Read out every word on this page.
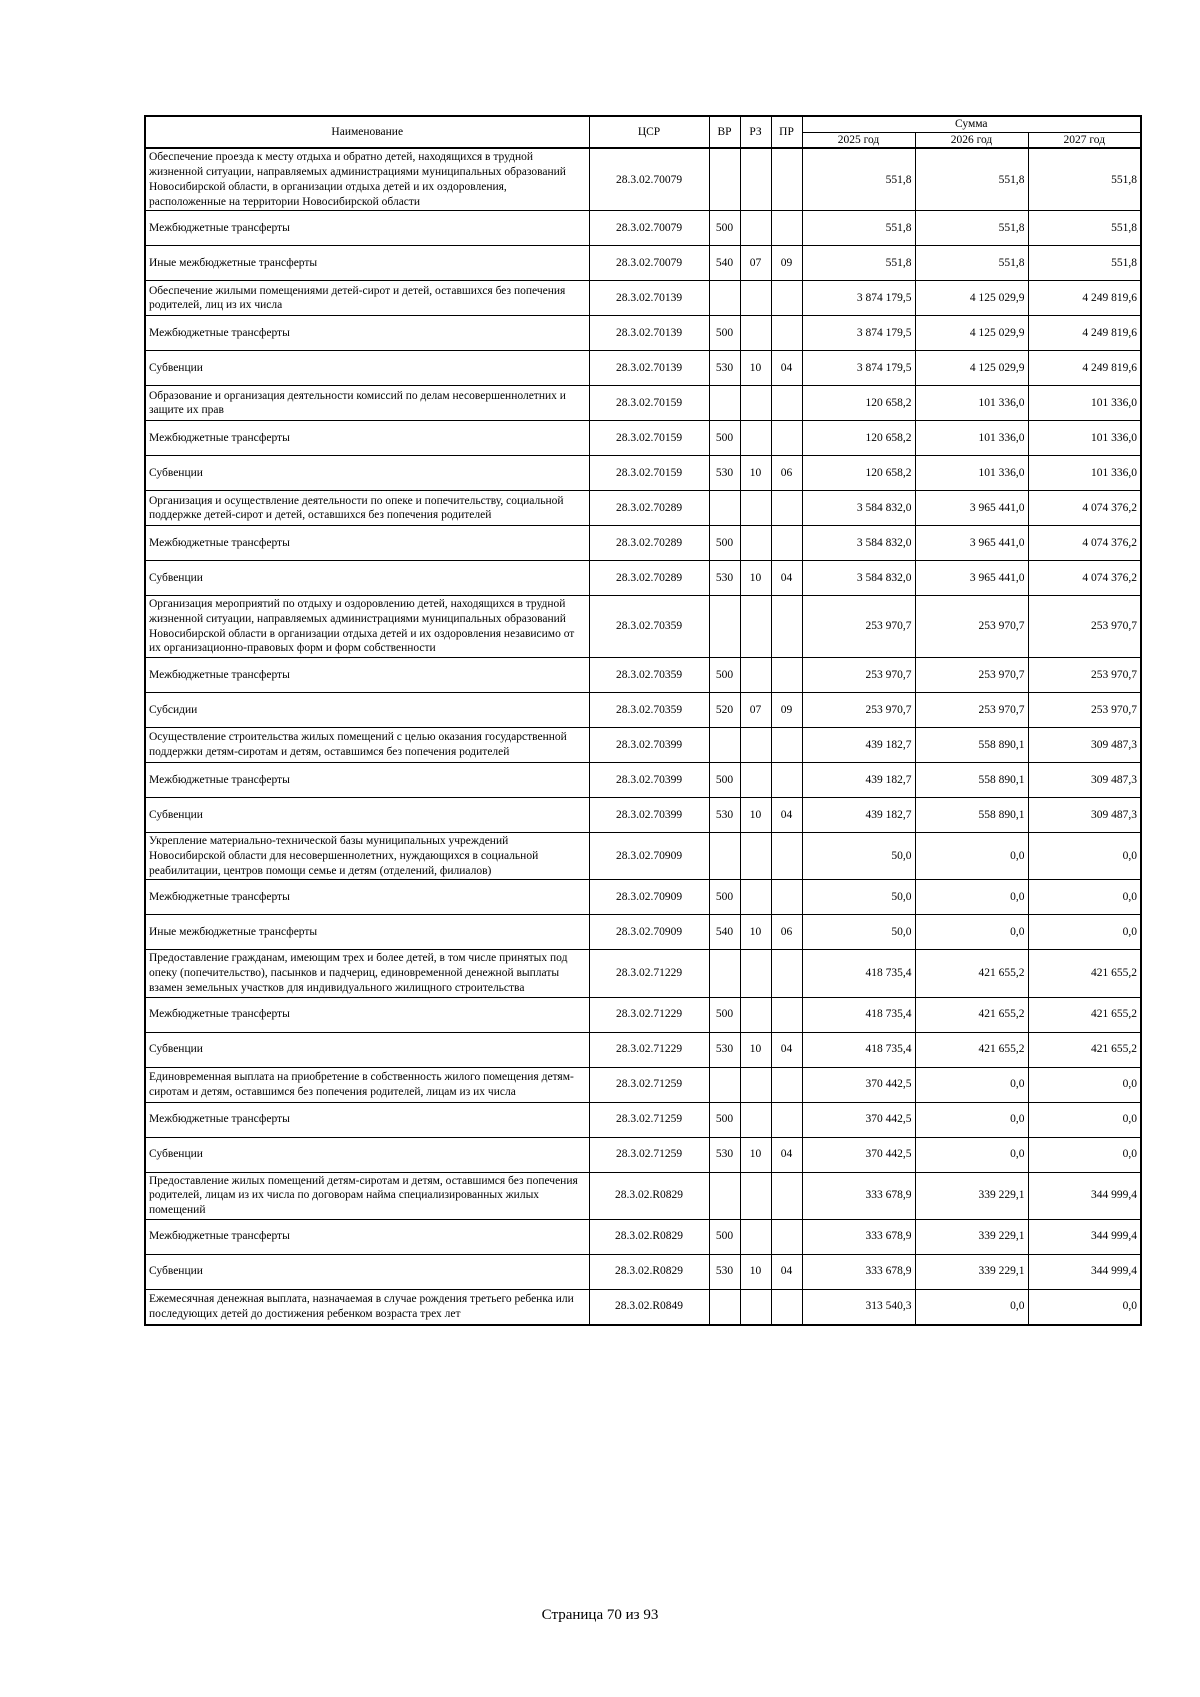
Наименование	ЦСР	ВР	РЗ	ПР	Сумма		
					2025 год	2026 год	2027 год
Обеспечение проезда к месту отдыха и обратно детей, находящихся в трудной жизненной ситуации, направляемых администрациями муниципальных образований Новосибирской области, в организации отдыха детей и их оздоровления, расположенные на территории Новосибирской области	28.3.02.70079				551,8	551,8	551,8
Межбюджетные трансферты	28.3.02.70079	500			551,8	551,8	551,8
Иные межбюджетные трансферты	28.3.02.70079	540	07	09	551,8	551,8	551,8
Обеспечение жилыми помещениями детей-сирот и детей, оставшихся без попечения родителей, лиц из их числа	28.3.02.70139				3 874 179,5	4 125 029,9	4 249 819,6
Межбюджетные трансферты	28.3.02.70139	500			3 874 179,5	4 125 029,9	4 249 819,6
Субвенции	28.3.02.70139	530	10	04	3 874 179,5	4 125 029,9	4 249 819,6
Образование и организация деятельности комиссий по делам несовершеннолетних и защите их прав	28.3.02.70159				120 658,2	101 336,0	101 336,0
Межбюджетные трансферты	28.3.02.70159	500			120 658,2	101 336,0	101 336,0
Субвенции	28.3.02.70159	530	10	06	120 658,2	101 336,0	101 336,0
Организация и осуществление деятельности по опеке и попечительству, социальной поддержке детей-сирот и детей, оставшихся без попечения родителей	28.3.02.70289				3 584 832,0	3 965 441,0	4 074 376,2
Межбюджетные трансферты	28.3.02.70289	500			3 584 832,0	3 965 441,0	4 074 376,2
Субвенции	28.3.02.70289	530	10	04	3 584 832,0	3 965 441,0	4 074 376,2
Организация мероприятий по отдыху и оздоровлению детей, находящихся в трудной жизненной ситуации, направляемых администрациями муниципальных образований Новосибирской области в организации отдыха детей и их оздоровления независимо от их организационно-правовых форм и форм собственности	28.3.02.70359				253 970,7	253 970,7	253 970,7
Межбюджетные трансферты	28.3.02.70359	500			253 970,7	253 970,7	253 970,7
Субсидии	28.3.02.70359	520	07	09	253 970,7	253 970,7	253 970,7
Осуществление строительства жилых помещений с целью оказания государственной поддержки детям-сиротам и детям, оставшимся без попечения родителей	28.3.02.70399				439 182,7	558 890,1	309 487,3
Межбюджетные трансферты	28.3.02.70399	500			439 182,7	558 890,1	309 487,3
Субвенции	28.3.02.70399	530	10	04	439 182,7	558 890,1	309 487,3
Укрепление материально-технической базы муниципальных учреждений Новосибирской области для несовершеннолетних, нуждающихся в социальной реабилитации, центров помощи семье и детям (отделений, филиалов)	28.3.02.70909				50,0	0,0	0,0
Межбюджетные трансферты	28.3.02.70909	500			50,0	0,0	0,0
Иные межбюджетные трансферты	28.3.02.70909	540	10	06	50,0	0,0	0,0
Предоставление гражданам, имеющим трех и более детей, в том числе принятых под опеку (попечительство), пасынков и падчериц, единовременной денежной выплаты взамен земельных участков для индивидуального жилищного строительства	28.3.02.71229				418 735,4	421 655,2	421 655,2
Межбюджетные трансферты	28.3.02.71229	500			418 735,4	421 655,2	421 655,2
Субвенции	28.3.02.71229	530	10	04	418 735,4	421 655,2	421 655,2
Единовременная выплата на приобретение в собственность жилого помещения детям-сиротам и детям, оставшимся без попечения родителей, лицам из их числа	28.3.02.71259				370 442,5	0,0	0,0
Межбюджетные трансферты	28.3.02.71259	500			370 442,5	0,0	0,0
Субвенции	28.3.02.71259	530	10	04	370 442,5	0,0	0,0
Предоставление жилых помещений детям-сиротам и детям, оставшимся без попечения родителей, лицам из их числа по договорам найма специализированных жилых помещений	28.3.02.R0829				333 678,9	339 229,1	344 999,4
Межбюджетные трансферты	28.3.02.R0829	500			333 678,9	339 229,1	344 999,4
Субвенции	28.3.02.R0829	530	10	04	333 678,9	339 229,1	344 999,4
Ежемесячная денежная выплата, назначаемая в случае рождения третьего ребенка или последующих детей до достижения ребенком возраста трех лет	28.3.02.R0849				313 540,3	0,0	0,0
Страница 70 из 93
